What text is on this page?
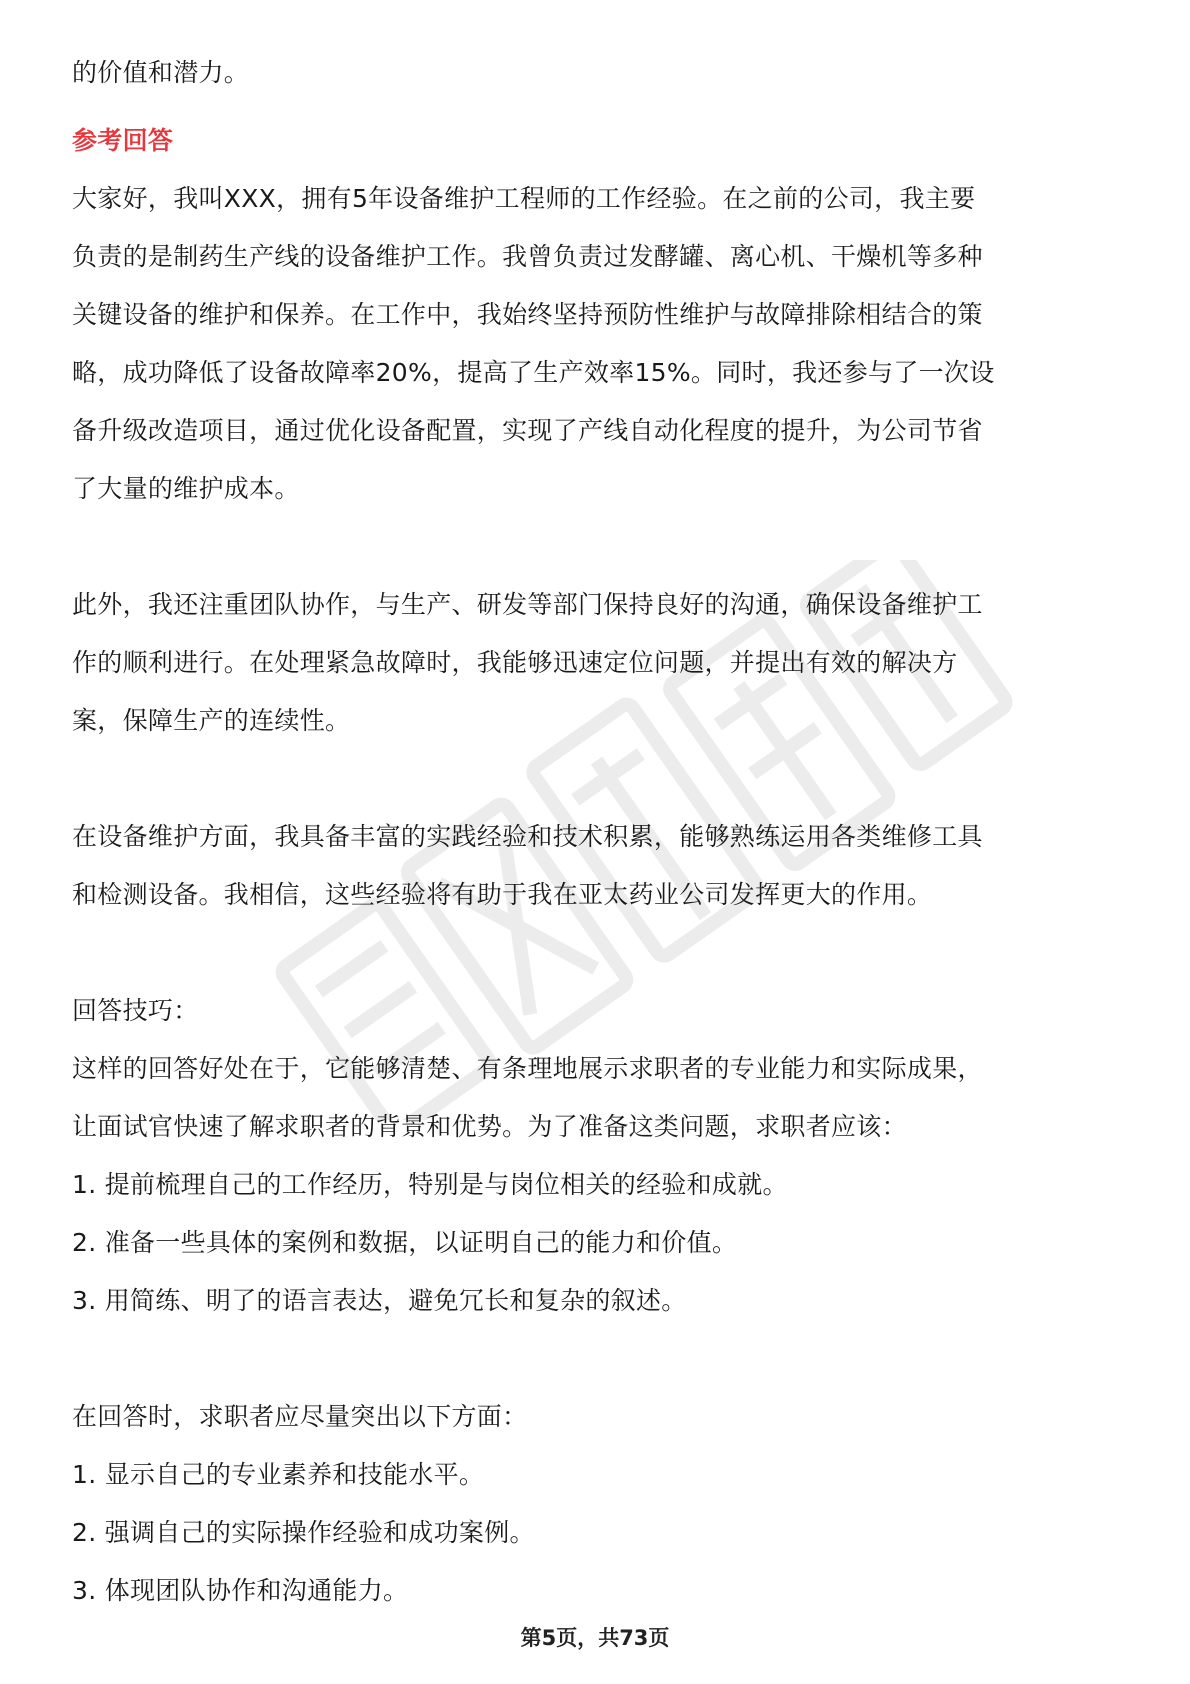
的价值和潜力。
参考回答
大家好，我叫XXX，拥有5年设备维护工程师的工作经验。在之前的公司，我主要
负责的是制药生产线的设备维护工作。我曾负责过发酵罐、离心机、干燥机等多种
关键设备的维护和保养。在工作中，我始终坚持预防性维护与故障排除相结合的策
略，成功降低了设备故障率20%，提高了生产效率15%。同时，我还参与了一次设
备升级改造项目，通过优化设备配置，实现了产线自动化程度的提升，为公司节省
了大量的维护成本。
此外，我还注重团队协作，与生产、研发等部门保持良好的沟通，确保设备维护工
作的顺利进行。在处理紧急故障时，我能够迅速定位问题，并提出有效的解决方
案，保障生产的连续性。
在设备维护方面，我具备丰富的实践经验和技术积累，能够熟练运用各类维修工具
和检测设备。我相信，这些经验将有助于我在亚太药业公司发挥更大的作用。
回答技巧：
这样的回答好处在于，它能够清楚、有条理地展示求职者的专业能力和实际成果，
让面试官快速了解求职者的背景和优势。为了准备这类问题，求职者应该：
1. 提前梳理自己的工作经历，特别是与岗位相关的经验和成就。
2. 准备一些具体的案例和数据，以证明自己的能力和价值。
3. 用简练、明了的语言表达，避免冗长和复杂的叙述。
在回答时，求职者应尽量突出以下方面：
1. 显示自己的专业素养和技能水平。
2. 强调自己的实际操作经验和成功案例。
3. 体现团队协作和沟通能力。
第5页，共73页
